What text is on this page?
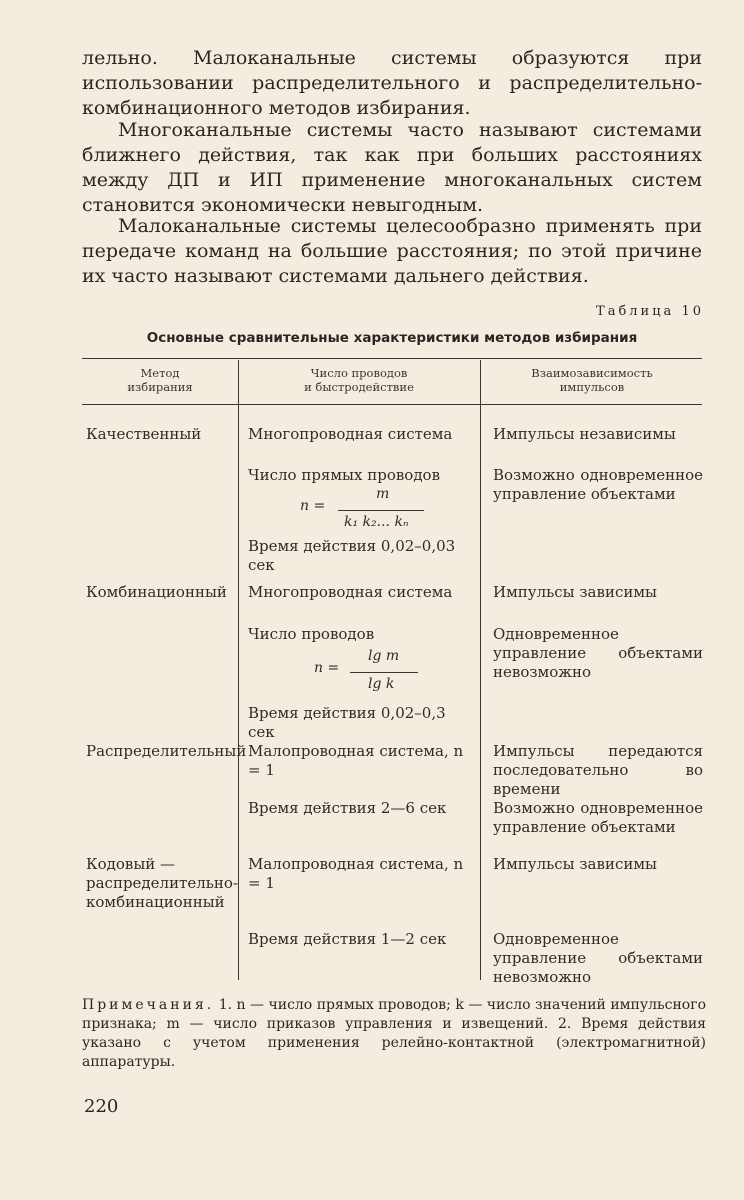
лельно. Малоканальные системы образуются при использовании распределительного и распределительно-комбинационного методов избирания.

Многоканальные системы часто называют системами ближнего действия, так как при больших расстояниях между ДП и ИП применение многоканальных систем становится экономически невыгодным.

Малоканальные системы целесообразно применять при передаче команд на большие расстояния; по этой причине их часто называют системами дальнего действия.

Таблица 10

Основные сравнительные характеристики методов избирания

Метод
избирания
Число проводов
и быстродействие
Взаимозависимость
импульсов
Качественный	Многопроводная система
Число прямых проводов
n =
m
k₁ k₂... kₙ
Время действия 0,02–0,03 сек
Импульсы независимы
Возможно одновременное управление объектами
Комбинационный Многопроводная система
Число проводов
n =
lg m
lg k
Время действия 0,02–0,3 сек
Импульсы зависимы
Одновременное управление объектами невозможно
Распределительный Малопроводная система, n = 1
Время действия 2—6 сек
Импульсы передаются последовательно во времени
Возможно одновременное управление объектами
Кодовый — распределительно-комбинационный
Малопроводная система, n = 1
Время действия 1—2 сек
Импульсы зависимы
Одновременное управление объектами невозможно

Примечания. 1. n — число прямых проводов; k — число значений импульсного признака; m — число приказов управления и извещений. 2. Время действия указано с учетом применения релейно-контактной (электромагнитной) аппаратуры.

220
